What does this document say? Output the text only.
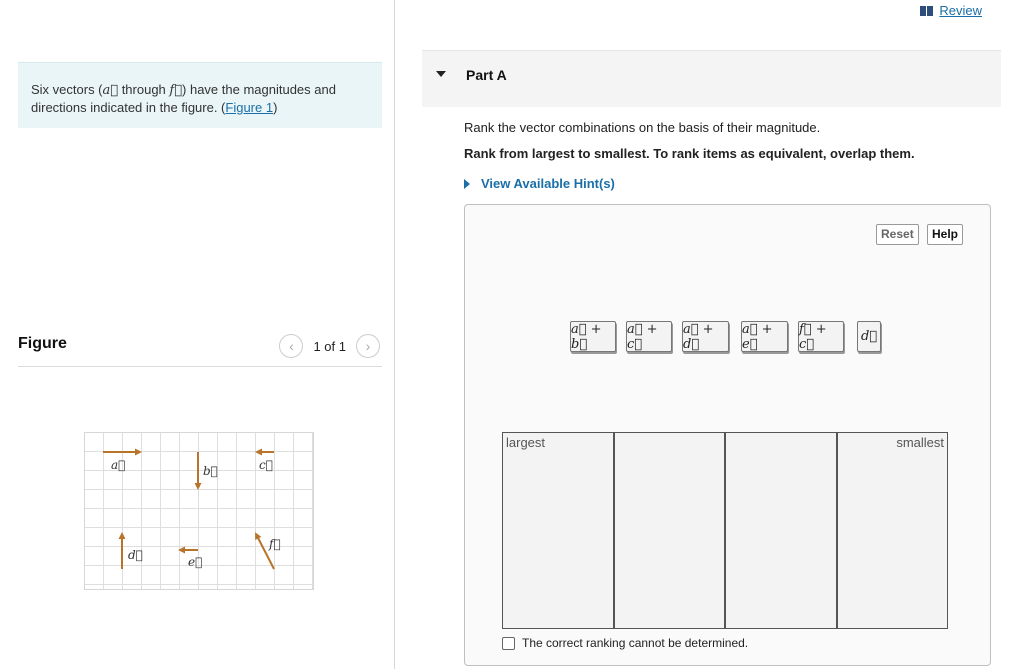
Six vectors (a⃗ through f⃗) have the magnitudes and directions indicated in the figure. (Figure 1)
Figure	‹	1 of 1	›
a⃗	b⃗	c⃗
d⃗	e⃗
f⃗
Review
Part A
Rank the vector combinations on the basis of their magnitude.
Rank from largest to smallest. To rank items as equivalent, overlap them.
View Available Hint(s)
Reset	Help
a⃗ + b⃗
a⃗ + c⃗
a⃗ + d⃗
a⃗ + e⃗
f⃗ + c⃗	d⃗
largest	smallest
The correct ranking cannot be determined.
